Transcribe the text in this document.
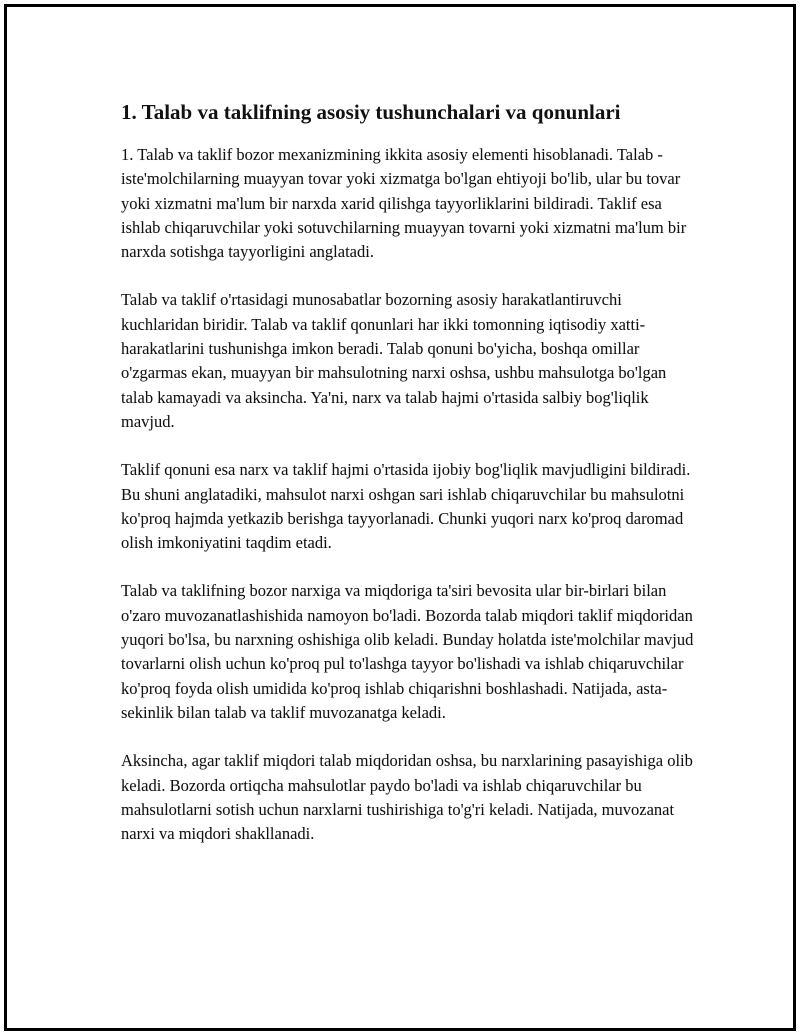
1. Talab va taklifning asosiy tushunchalari va qonunlari

1. Talab va taklif bozor mexanizmining ikkita asosiy elementi hisoblanadi. Talab - iste'molchilarning muayyan tovar yoki xizmatga bo'lgan ehtiyoji bo'lib, ular bu tovar yoki xizmatni ma'lum bir narxda xarid qilishga tayyorliklarini bildiradi. Taklif esa ishlab chiqaruvchilar yoki sotuvchilarning muayyan tovarni yoki xizmatni ma'lum bir narxda sotishga tayyorligini anglatadi.

Talab va taklif o'rtasidagi munosabatlar bozorning asosiy harakatlantiruvchi kuchlaridan biridir. Talab va taklif qonunlari har ikki tomonning iqtisodiy xatti-harakatlarini tushunishga imkon beradi. Talab qonuni bo'yicha, boshqa omillar o'zgarmas ekan, muayyan bir mahsulotning narxi oshsa, ushbu mahsulotga bo'lgan talab kamayadi va aksincha. Ya'ni, narx va talab hajmi o'rtasida salbiy bog'liqlik mavjud.

Taklif qonuni esa narx va taklif hajmi o'rtasida ijobiy bog'liqlik mavjudligini bildiradi. Bu shuni anglatadiki, mahsulot narxi oshgan sari ishlab chiqaruvchilar bu mahsulotni ko'proq hajmda yetkazib berishga tayyorlanadi. Chunki yuqori narx ko'proq daromad olish imkoniyatini taqdim etadi.

Talab va taklifning bozor narxiga va miqdoriga ta'siri bevosita ular bir-birlari bilan o'zaro muvozanatlashishida namoyon bo'ladi. Bozorda talab miqdori taklif miqdoridan yuqori bo'lsa, bu narxning oshishiga olib keladi. Bunday holatda iste'molchilar mavjud tovarlarni olish uchun ko'proq pul to'lashga tayyor bo'lishadi va ishlab chiqaruvchilar ko'proq foyda olish umidida ko'proq ishlab chiqarishni boshlashadi. Natijada, asta-sekinlik bilan talab va taklif muvozanatga keladi.

Aksincha, agar taklif miqdori talab miqdoridan oshsa, bu narxlarining pasayishiga olib keladi. Bozorda ortiqcha mahsulotlar paydo bo'ladi va ishlab chiqaruvchilar bu mahsulotlarni sotish uchun narxlarni tushirishiga to'g'ri keladi. Natijada, muvozanat narxi va miqdori shakllanadi.
